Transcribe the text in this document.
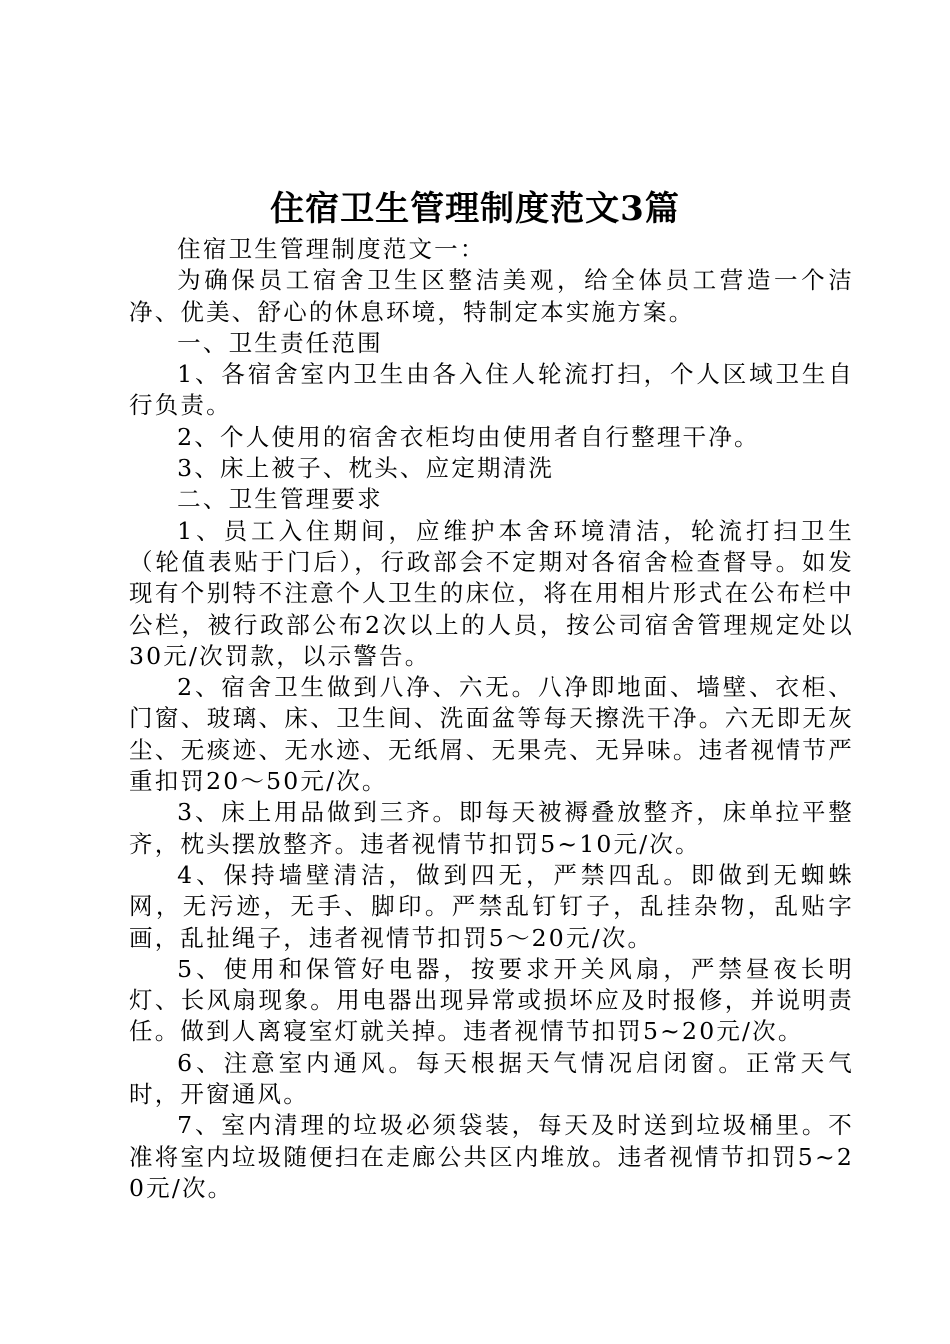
住宿卫生管理制度范文3篇

住宿卫生管理制度范文一：

为确保员工宿舍卫生区整洁美观，给全体员工营造一个洁净、优美、舒心的休息环境，特制定本实施方案。

一、卫生责任范围

1、各宿舍室内卫生由各入住人轮流打扫，个人区域卫生自行负责。

2、个人使用的宿舍衣柜均由使用者自行整理干净。

3、床上被子、枕头、应定期清洗

二、卫生管理要求

1、员工入住期间，应维护本舍环境清洁，轮流打扫卫生（轮值表贴于门后），行政部会不定期对各宿舍检查督导。如发现有个别特不注意个人卫生的床位，将在用相片形式在公布栏中公栏，被行政部公布2次以上的人员，按公司宿舍管理规定处以30元/次罚款，以示警告。

2、宿舍卫生做到八净、六无。八净即地面、墙壁、衣柜、门窗、玻璃、床、卫生间、洗面盆等每天擦洗干净。六无即无灰尘、无痰迹、无水迹、无纸屑、无果壳、无异味。违者视情节严重扣罚20～50元/次。

3、床上用品做到三齐。即每天被褥叠放整齐，床单拉平整齐，枕头摆放整齐。违者视情节扣罚5~10元/次。

4、保持墙壁清洁，做到四无，严禁四乱。即做到无蜘蛛网，无污迹，无手、脚印。严禁乱钉钉子，乱挂杂物，乱贴字画，乱扯绳子，违者视情节扣罚5～20元/次。

5、使用和保管好电器，按要求开关风扇，严禁昼夜长明灯、长风扇现象。用电器出现异常或损坏应及时报修，并说明责任。做到人离寝室灯就关掉。违者视情节扣罚5~20元/次。

6、注意室内通风。每天根据天气情况启闭窗。正常天气时，开窗通风。

7、室内清理的垃圾必须袋装，每天及时送到垃圾桶里。不准将室内垃圾随便扫在走廊公共区内堆放。违者视情节扣罚5~20元/次。
